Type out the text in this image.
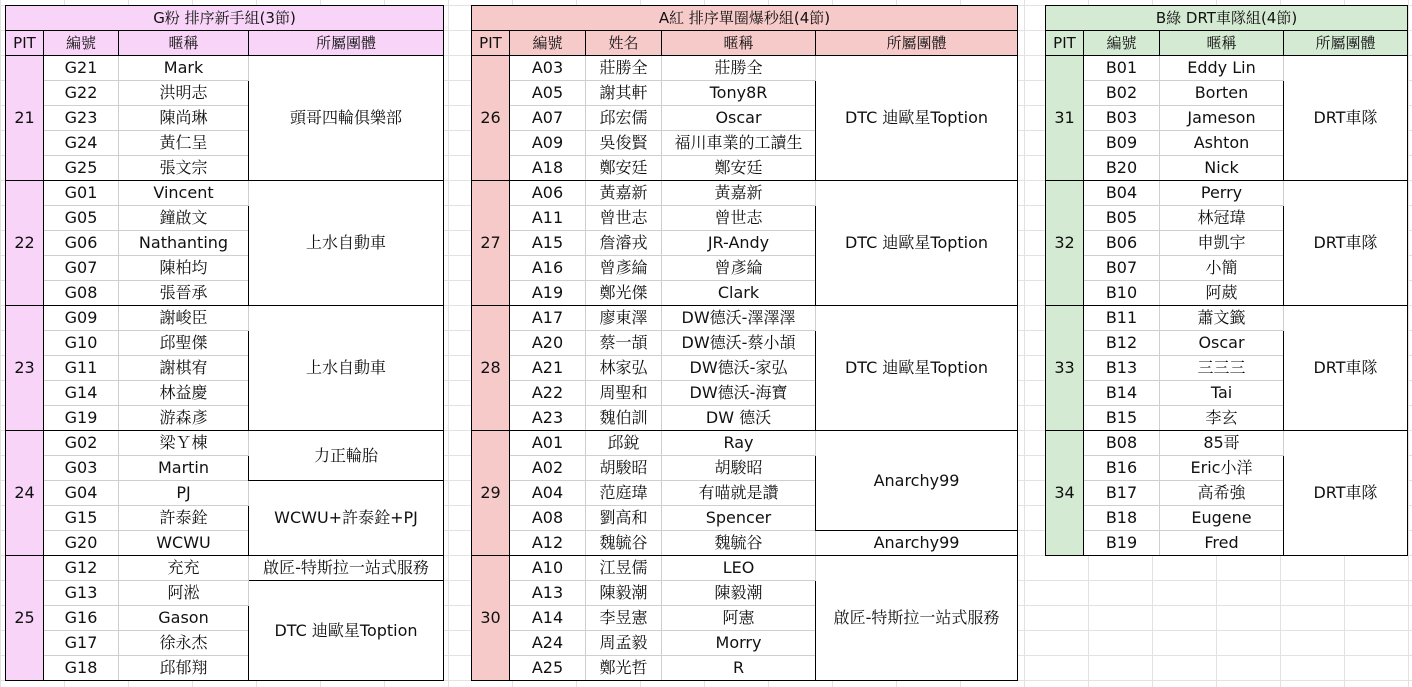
G粉 排序新手組(3節)			
PIT	編號	暱稱	所屬團體
21	G21	Mark	頭哥四輪俱樂部
	G22	洪明志	
	G23	陳尚琳	
	G24	黃仁呈	
	G25	張文宗	
22	G01	Vincent	上水自動車
	G05	鐘啟文	
	G06	Nathanting	
	G07	陳柏均	
	G08	張晉承	
23	G09	謝峻臣	上水自動車
	G10	邱聖傑	
	G11	謝棋宥	
	G14	林益慶	
	G19	游森彥	
24	G02	梁Ｙ棟	力正輪胎
	G03	Martin	
	G04	PJ	WCWU+許泰銓+PJ
	G15	許泰銓	
	G20	WCWU	
25	G12	充充	啟匠-特斯拉一站式服務
	G13	阿淞	DTC 迪歐星Toption
	G16	Gason	
	G17	徐永杰	
	G18	邱郁翔	
A紅 排序單圈爆秒組(4節)				
PIT	編號	姓名	暱稱	所屬團體
26	A03	莊勝全	莊勝全	DTC 迪歐星Toption
	A05	謝其軒	Tony8R	
	A07	邱宏儒	Oscar	
	A09	吳俊賢	福川車業的工讀生	
	A18	鄭安廷	鄭安廷	
27	A06	黃嘉新	黃嘉新	DTC 迪歐星Toption
	A11	曾世志	曾世志	
	A15	詹濬戎	JR-Andy	
	A16	曾彥綸	曾彥綸	
	A19	鄭光傑	Clark	
28	A17	廖東澤	DW德沃-澤澤澤	DTC 迪歐星Toption
	A20	蔡一頡	DW德沃-蔡小頡	
	A21	林家弘	DW德沃-家弘	
	A22	周聖和	DW德沃-海寶	
	A23	魏伯訓	DW 德沃	
29	A01	邱銳	Ray	Anarchy99
	A02	胡駿昭	胡駿昭	
	A04	范庭瑋	有喵就是讚	
	A08	劉高和	Spencer	
	A12	魏毓谷	魏毓谷	Anarchy99
30	A10	江昱儒	LEO	啟匠-特斯拉一站式服務
	A13	陳毅潮	陳毅潮	
	A14	李昱憲	阿憲	
	A24	周孟毅	Morry	
	A25	鄭光哲	R	
B綠 DRT車隊組(4節)			
PIT	編號	暱稱	所屬團體
31	B01	Eddy Lin	DRT車隊
	B02	Borten	
	B03	Jameson	
	B09	Ashton	
	B20	Nick	
32	B04	Perry	DRT車隊
	B05	林冠瑋	
	B06	申凱宇	
	B07	小簡	
	B10	阿葳	
33	B11	蕭文籤	DRT車隊
	B12	Oscar	
	B13	三三三	
	B14	Tai	
	B15	李玄	
34	B08	85哥	DRT車隊
	B16	Eric小洋	
	B17	高希強	
	B18	Eugene	
	B19	Fred	
